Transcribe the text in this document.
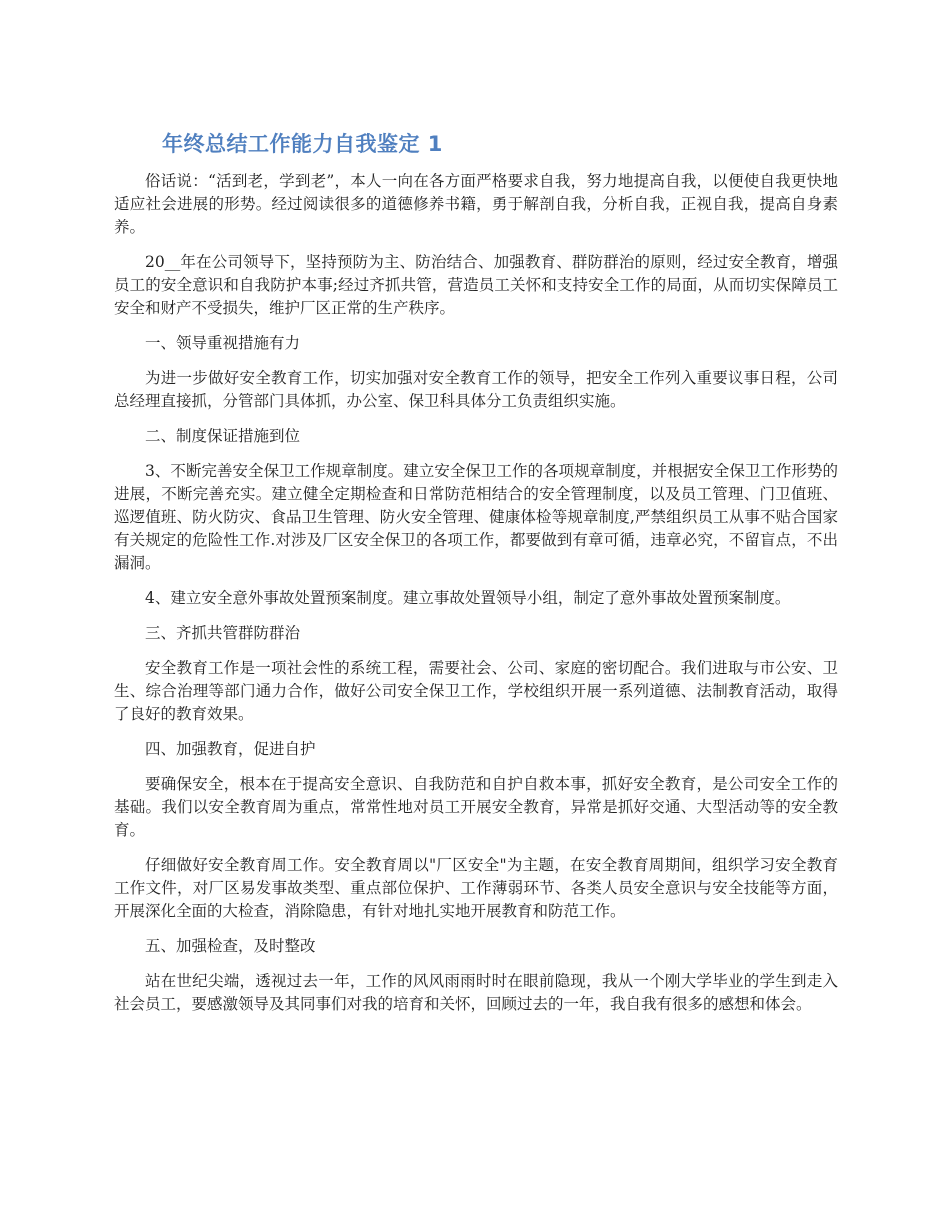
年终总结工作能力自我鉴定 1

俗话说：“活到老，学到老”，本人一向在各方面严格要求自我，努力地提高自我，以便使自我更快地适应社会进展的形势。经过阅读很多的道德修养书籍，勇于解剖自我，分析自我，正视自我，提高自身素养。

20__年在公司领导下，坚持预防为主、防治结合、加强教育、群防群治的原则，经过安全教育，增强员工的安全意识和自我防护本事;经过齐抓共管，营造员工关怀和支持安全工作的局面，从而切实保障员工安全和财产不受损失，维护厂区正常的生产秩序。

一、领导重视措施有力

为进一步做好安全教育工作，切实加强对安全教育工作的领导，把安全工作列入重要议事日程，公司总经理直接抓，分管部门具体抓，办公室、保卫科具体分工负责组织实施。

二、制度保证措施到位

3、不断完善安全保卫工作规章制度。建立安全保卫工作的各项规章制度，并根据安全保卫工作形势的进展，不断完善充实。建立健全定期检查和日常防范相结合的安全管理制度，以及员工管理、门卫值班、巡逻值班、防火防灾、食品卫生管理、防火安全管理、健康体检等规章制度,严禁组织员工从事不贴合国家有关规定的危险性工作.对涉及厂区安全保卫的各项工作，都要做到有章可循，违章必究，不留盲点，不出漏洞。

4、建立安全意外事故处置预案制度。建立事故处置领导小组，制定了意外事故处置预案制度。

三、齐抓共管群防群治

安全教育工作是一项社会性的系统工程，需要社会、公司、家庭的密切配合。我们进取与市公安、卫生、综合治理等部门通力合作，做好公司安全保卫工作，学校组织开展一系列道德、法制教育活动，取得了良好的教育效果。

四、加强教育，促进自护

要确保安全，根本在于提高安全意识、自我防范和自护自救本事，抓好安全教育，是公司安全工作的基础。我们以安全教育周为重点，常常性地对员工开展安全教育，异常是抓好交通、大型活动等的安全教育。

仔细做好安全教育周工作。安全教育周以"厂区安全"为主题，在安全教育周期间，组织学习安全教育工作文件，对厂区易发事故类型、重点部位保护、工作薄弱环节、各类人员安全意识与安全技能等方面，开展深化全面的大检查，消除隐患，有针对地扎实地开展教育和防范工作。

五、加强检查，及时整改

站在世纪尖端，透视过去一年，工作的风风雨雨时时在眼前隐现，我从一个刚大学毕业的学生到走入社会员工，要感激领导及其同事们对我的培育和关怀，回顾过去的一年，我自我有很多的感想和体会。
